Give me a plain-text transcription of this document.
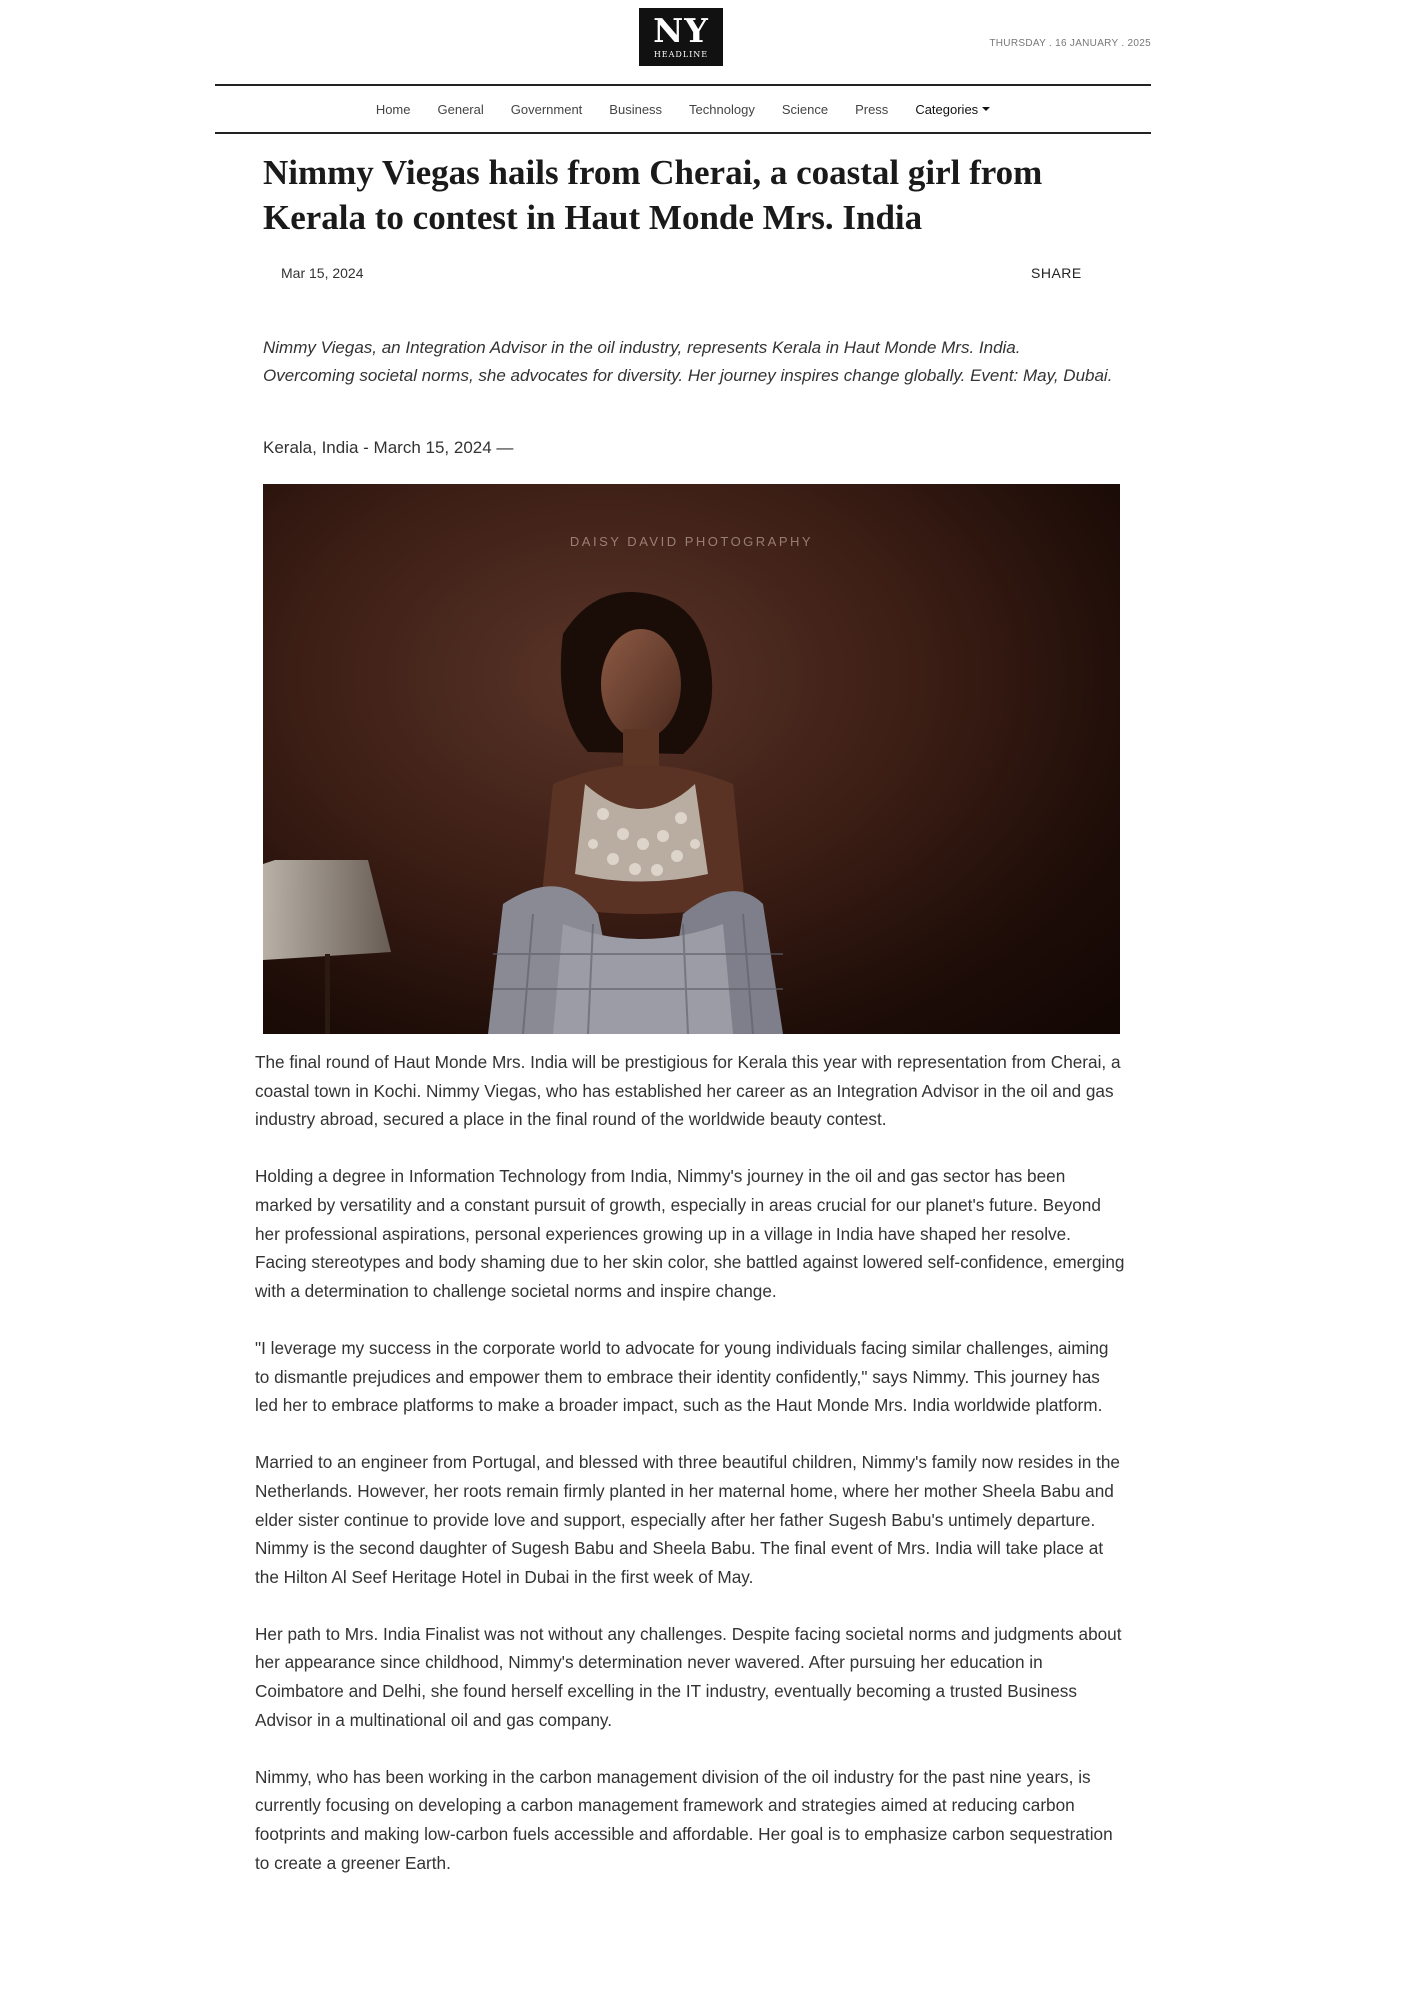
NY
HEADLINE
THURSDAY . 16 JANUARY . 2025
Home General Government Business Technology Science Press Categories
Nimmy Viegas hails from Cherai, a coastal girl from Kerala to contest in Haut Monde Mrs. India
Mar 15, 2024	SHARE

Nimmy Viegas, an Integration Advisor in the oil industry, represents Kerala in Haut Monde Mrs. India. Overcoming societal norms, she advocates for diversity. Her journey inspires change globally. Event: May, Dubai.

Kerala, India - March 15, 2024 —

DAISY DAVID PHOTOGRAPHY

The final round of Haut Monde Mrs. India will be prestigious for Kerala this year with representation from Cherai, a coastal town in Kochi. Nimmy Viegas, who has established her career as an Integration Advisor in the oil and gas industry abroad, secured a place in the final round of the worldwide beauty contest.

Holding a degree in Information Technology from India, Nimmy's journey in the oil and gas sector has been marked by versatility and a constant pursuit of growth, especially in areas crucial for our planet's future. Beyond her professional aspirations, personal experiences growing up in a village in India have shaped her resolve. Facing stereotypes and body shaming due to her skin color, she battled against lowered self-confidence, emerging with a determination to challenge societal norms and inspire change.

"I leverage my success in the corporate world to advocate for young individuals facing similar challenges, aiming to dismantle prejudices and empower them to embrace their identity confidently," says Nimmy. This journey has led her to embrace platforms to make a broader impact, such as the Haut Monde Mrs. India worldwide platform.

Married to an engineer from Portugal, and blessed with three beautiful children, Nimmy's family now resides in the Netherlands. However, her roots remain firmly planted in her maternal home, where her mother Sheela Babu and elder sister continue to provide love and support, especially after her father Sugesh Babu's untimely departure. Nimmy is the second daughter of Sugesh Babu and Sheela Babu. The final event of Mrs. India will take place at the Hilton Al Seef Heritage Hotel in Dubai in the first week of May.

Her path to Mrs. India Finalist was not without any challenges. Despite facing societal norms and judgments about her appearance since childhood, Nimmy's determination never wavered. After pursuing her education in Coimbatore and Delhi, she found herself excelling in the IT industry, eventually becoming a trusted Business Advisor in a multinational oil and gas company.

Nimmy, who has been working in the carbon management division of the oil industry for the past nine years, is currently focusing on developing a carbon management framework and strategies aimed at reducing carbon footprints and making low-carbon fuels accessible and affordable. Her goal is to emphasize carbon sequestration to create a greener Earth.
